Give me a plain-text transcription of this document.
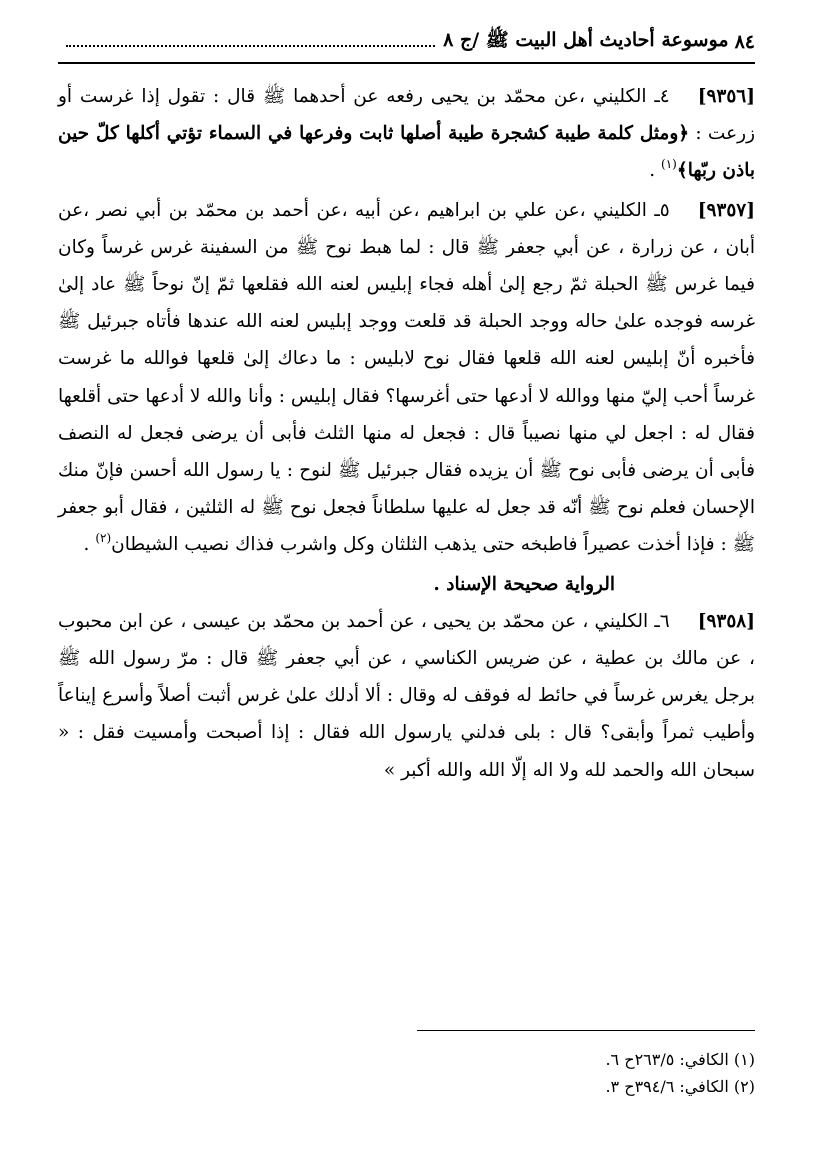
٨٤
موسوعة أحاديث أهل البيت ﷺ /ج ٨

[٩٣٥٦]٤ـ الكليني ،عن محمّد بن يحيى رفعه عن أحدهما ﷺ قال : تقول إذا غرست أو زرعت : ﴿ومثل كلمة طيبة كشجرة طيبة أصلها ثابت وفرعها في السماء تؤتي أكلها كلّ حين باذن ربّها﴾$^{(١)}$ .

[٩٣٥٧]٥ـ الكليني ،عن علي بن ابراهيم ،عن أبيه ،عن أحمد بن محمّد بن أبي نصر ،عن أبان ، عن زرارة ، عن أبي جعفر ﷺ قال : لما هبط نوح ﷺ من السفينة غرس غرساً وكان فيما غرس ﷺ الحبلة ثمّ رجع إلىٰ أهله فجاء إبليس لعنه الله فقلعها ثمّ إنّ نوحاً ﷺ عاد إلىٰ غرسه فوجده علىٰ حاله ووجد الحبلة قد قلعت ووجد إبليس لعنه الله عندها فأتاه جبرئيل ﷺ فأخبره أنّ إبليس لعنه الله قلعها فقال نوح لابليس : ما دعاك إلىٰ قلعها فوالله ما غرست غرساً أحب إليّ منها ووالله لا أدعها حتى أغرسها؟ فقال إبليس : وأنا والله لا أدعها حتى أقلعها فقال له : اجعل لي منها نصيباً قال : فجعل له منها الثلث فأبى أن يرضى فجعل له النصف فأبى أن يرضى فأبى نوح ﷺ أن يزيده فقال جبرئيل ﷺ لنوح : يا رسول الله أحسن فإنّ منك الإحسان فعلم نوح ﷺ أنّه قد جعل له عليها سلطاناً فجعل نوح ﷺ له الثلثين ، فقال أبو جعفر ﷺ : فإذا أخذت عصيراً فاطبخه حتى يذهب الثلثان وكل واشرب فذاك نصيب الشيطان$^{(٢)}$ .

الرواية صحيحة الإسناد .

[٩٣٥٨]٦ـ الكليني ، عن محمّد بن يحيى ، عن أحمد بن محمّد بن عيسى ، عن ابن محبوب ، عن مالك بن عطية ، عن ضريس الكناسي ، عن أبي جعفر ﷺ قال : مرّ رسول الله ﷺ برجل يغرس غرساً في حائط له فوقف له وقال : ألا أدلك علىٰ غرس أثبت أصلاً وأسرع إيناعاً وأطيب ثمراً وأبقى؟ قال : بلى فدلني يارسول الله فقال : إذا أصبحت وأمسيت فقل : « سبحان الله والحمد لله ولا اله إلّا الله والله أكبر »

(١) الكافي: ٢٦٣/٥ح ٦.

(٢) الكافي: ٣٩٤/٦ح ٣.
